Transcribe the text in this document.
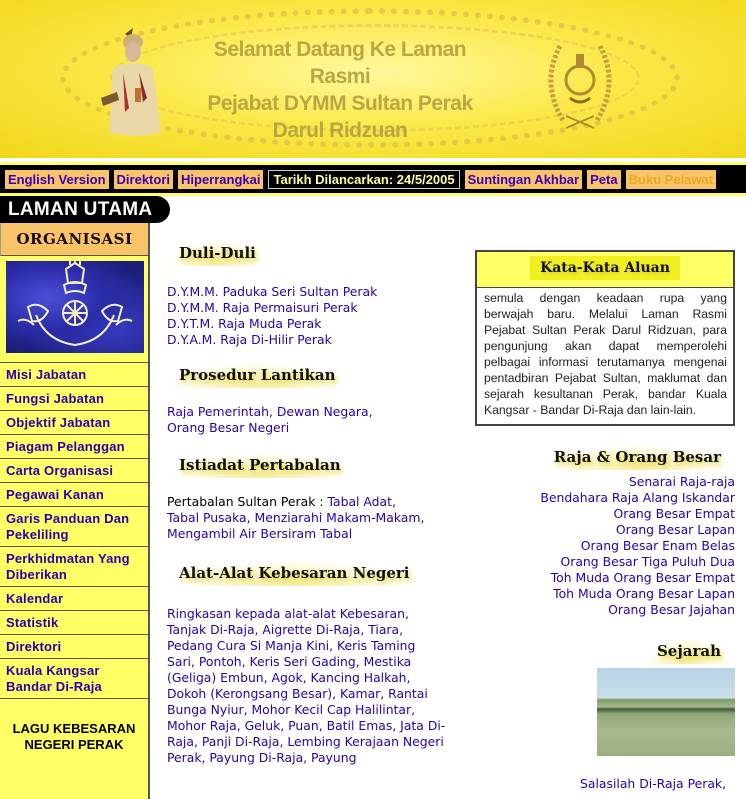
Selamat Datang Ke Laman Rasmi
Pejabat DYMM Sultan Perak
Darul Ridzuan
English Version Direktori Hiperrangkai	Tarikh Dilancarkan: 24/5/2005	Suntingan Akhbar Peta Buku Pelawat
LAMAN UTAMA
ORGANISASI
Misi Jabatan
Fungsi Jabatan
Objektif Jabatan
Piagam Pelanggan
Carta Organisasi
Pegawai Kanan
Garis Panduan Dan Pekeliling
Perkhidmatan Yang Diberikan
Kalendar
Statistik
Direktori
Kuala Kangsar Bandar Di-Raja
LAGU KEBESARAN NEGERI PERAK
Duli-Duli
D.Y.M.M. Paduka Seri Sultan Perak
D.Y.M.M. Raja Permaisuri Perak
D.Y.T.M. Raja Muda Perak
D.Y.A.M. Raja Di-Hilir Perak
Prosedur Lantikan
Raja Pemerintah, Dewan Negara,
Orang Besar Negeri
Istiadat Pertabalan
Pertabalan Sultan Perak : Tabal Adat,
Tabal Pusaka, Menziarahi Makam-Makam,
Mengambil Air Bersiram Tabal
Alat-Alat Kebesaran Negeri

Ringkasan kepada alat-alat Kebesaran, Tanjak Di-Raja, Aigrette Di-Raja, Tiara, Pedang Cura Si Manja Kini, Keris Taming Sari, Pontoh, Keris Seri Gading, Mestika (Geliga) Embun, Agok, Kancing Halkah, Dokoh (Kerongsang Besar), Kamar, Rantai Bunga Nyiur, Mohor Kecil Cap Halilintar, Mohor Raja, Geluk, Puan, Batil Emas, Jata Di-Raja, Panji Di-Raja, Lembing Kerajaan Negeri Perak, Payung Di-Raja, Payung

Kata-Kata Aluan
semula dengan keadaan rupa yang berwajah baru. Melalui Laman Rasmi Pejabat Sultan Perak Darul Ridzuan, para pengunjung akan dapat memperolehi pelbagai informasi terutamanya mengenai pentadbiran Pejabat Sultan, maklumat dan sejarah kesultanan Perak, bandar Kuala Kangsar - Bandar Di-Raja dan lain-lain.
Raja & Orang Besar
Senarai Raja-raja
Bendahara Raja Alang Iskandar
Orang Besar Empat
Orang Besar Lapan
Orang Besar Enam Belas
Orang Besar Tiga Puluh Dua
Toh Muda Orang Besar Empat
Toh Muda Orang Besar Lapan
Orang Besar Jajahan
Sejarah
Salasilah Di-Raja Perak,
